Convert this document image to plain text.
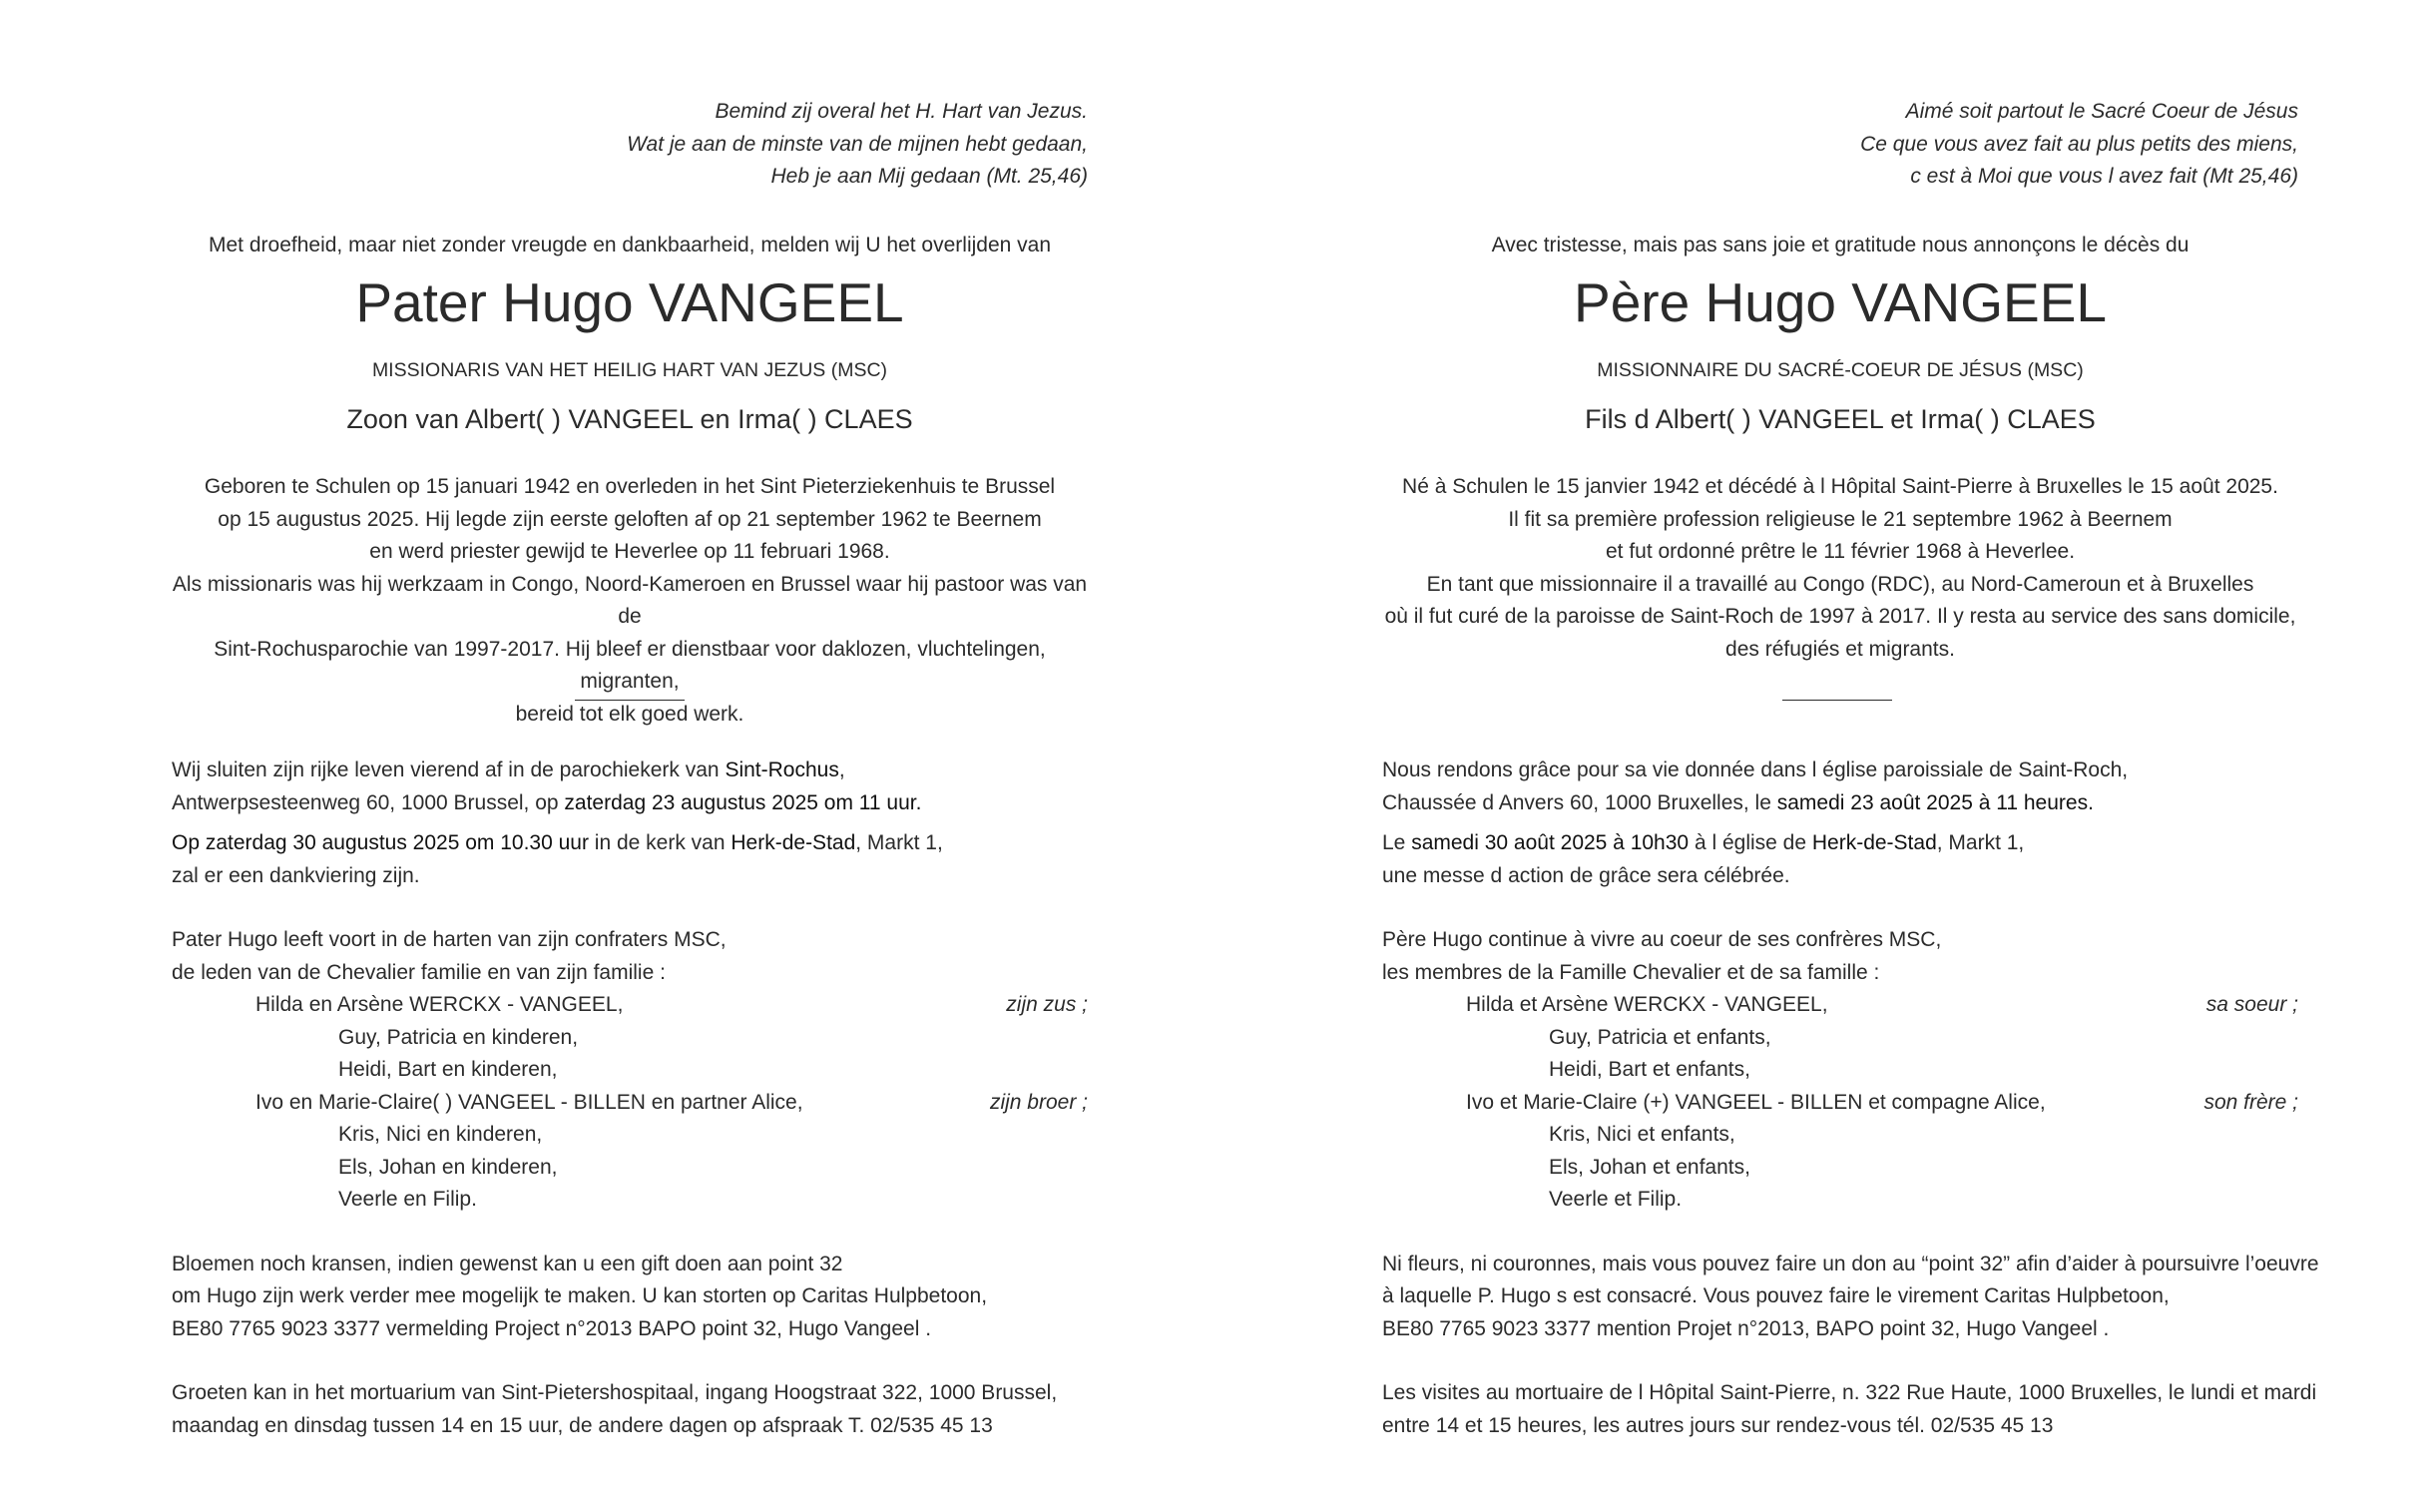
Bemind zij overal het H. Hart van Jezus.
Wat je aan de minste van de mijnen hebt gedaan,
Heb je aan Mij gedaan (Mt. 25,46)
Met droefheid, maar niet zonder vreugde en dankbaarheid, melden wij U het overlijden van
Pater Hugo VANGEEL
MISSIONARIS VAN HET HEILIG HART VAN JEZUS (MSC)
Zoon van Albert( ) VANGEEL en Irma( ) CLAES
Geboren te Schulen op 15 januari 1942 en overleden in het Sint Pieterziekenhuis te Brussel
op 15 augustus 2025. Hij legde zijn eerste geloften af op 21 september 1962 te Beernem
en werd priester gewijd te Heverlee op 11 februari 1968.
Als missionaris was hij werkzaam in Congo, Noord-Kameroen en Brussel waar hij pastoor was van de
Sint-Rochusparochie van 1997-2017. Hij bleef er dienstbaar voor daklozen, vluchtelingen, migranten,
bereid tot elk goed werk.
Wij sluiten zijn rijke leven vierend af in de parochiekerk van Sint-Rochus,
Antwerpsesteenweg 60, 1000 Brussel, op zaterdag 23 augustus 2025 om 11 uur.
Op zaterdag 30 augustus 2025 om 10.30 uur in de kerk van Herk-de-Stad, Markt 1,
zal er een dankviering zijn.
Pater Hugo leeft voort in de harten van zijn confraters MSC,
de leden van de Chevalier familie en van zijn familie :
Hilda en Arsène WERCKX - VANGEEL,	zijn zus ;
Guy, Patricia en kinderen,
Heidi, Bart en kinderen,
Ivo en Marie-Claire( ) VANGEEL - BILLEN en partner Alice,	zijn broer ;
Kris, Nici en kinderen,
Els, Johan en kinderen,
Veerle en Filip.
Bloemen noch kransen, indien gewenst kan u een gift doen aan point 32
om Hugo zijn werk verder mee mogelijk te maken. U kan storten op Caritas Hulpbetoon,
BE80 7765 9023 3377 vermelding Project n°2013 BAPO point 32, Hugo Vangeel .
Groeten kan in het mortuarium van Sint-Pietershospitaal, ingang Hoogstraat 322, 1000 Brussel,
maandag en dinsdag tussen 14 en 15 uur, de andere dagen op afspraak T. 02/535 45 13
Aimé soit partout le Sacré Coeur de Jésus
Ce que vous avez fait au plus petits des miens,
c est à Moi que vous l avez fait (Mt 25,46)
Avec tristesse, mais pas sans joie et gratitude nous annonçons le décès du
Père Hugo VANGEEL
MISSIONNAIRE DU SACRÉ-COEUR DE JÉSUS (MSC)
Fils d Albert( ) VANGEEL et Irma( ) CLAES
Né à Schulen le 15 janvier 1942 et décédé à l Hôpital Saint-Pierre à Bruxelles le 15 août 2025.
Il fit sa première profession religieuse le 21 septembre 1962 à Beernem
et fut ordonné prêtre le 11 février 1968 à Heverlee.
En tant que missionnaire il a travaillé au Congo (RDC), au Nord-Cameroun et à Bruxelles
où il fut curé de la paroisse de Saint-Roch de 1997 à 2017. Il y resta au service des sans domicile,
des réfugiés et migrants.
Nous rendons grâce pour sa vie donnée dans l église paroissiale de Saint-Roch,
Chaussée d Anvers 60, 1000 Bruxelles, le samedi 23 août 2025 à 11 heures.
Le samedi 30 août 2025 à 10h30 à l église de Herk-de-Stad, Markt 1,
une messe d action de grâce sera célébrée.
Père Hugo continue à vivre au coeur de ses confrères MSC,
les membres de la Famille Chevalier et de sa famille :
Hilda et Arsène WERCKX - VANGEEL,	sa soeur ;
Guy, Patricia et enfants,
Heidi, Bart et enfants,
Ivo et Marie-Claire (+) VANGEEL - BILLEN et compagne Alice,	son frère ;
Kris, Nici et enfants,
Els, Johan et enfants,
Veerle et Filip.
Ni fleurs, ni couronnes, mais vous pouvez faire un don au “point 32” afin d’aider à poursuivre l’oeuvre
à laquelle P. Hugo s est consacré. Vous pouvez faire le virement Caritas Hulpbetoon,
BE80 7765 9023 3377 mention Projet n°2013, BAPO point 32, Hugo Vangeel .
Les visites au mortuaire de l Hôpital Saint-Pierre, n. 322 Rue Haute, 1000 Bruxelles, le lundi et mardi
entre 14 et 15 heures, les autres jours sur rendez-vous tél. 02/535 45 13
